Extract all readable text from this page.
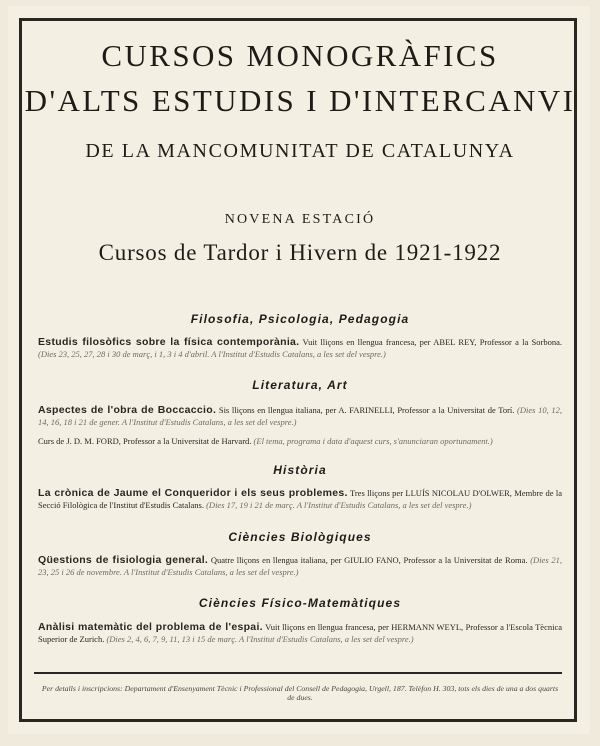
CURSOS MONOGRÀFICS
D'ALTS ESTUDIS I D'INTERCANVI
DE LA MANCOMUNITAT DE CATALUNYA
NOVENA ESTACIÓ
Cursos de Tardor i Hivern de 1921-1922
Filosofia, Psicologia, Pedagogia
Estudis filosòfics sobre la física contemporània. Vuit lliçons en llengua francesa, per ABEL REY, Professor a la Sorbona. (Dies 23, 25, 27, 28 i 30 de març, i 1, 3 i 4 d'abril. A l'Institut d'Estudis Catalans, a les set del vespre.)
Literatura, Art
Aspectes de l'obra de Boccaccio. Sis lliçons en llengua italiana, per A. FARINELLI, Professor a la Universitat de Torí. (Dies 10, 12, 14, 16, 18 i 21 de gener. A l'Institut d'Estudis Catalans, a les set del vespre.)
Curs de J. D. M. FORD, Professor a la Universitat de Harvard. (El tema, programa i data d'aquest curs, s'anunciaran oportunament.)
Història
La crònica de Jaume el Conqueridor i els seus problemes. Tres lliçons per LLUÍS NICOLAU D'OLWER, Membre de la Secció Filològica de l'Institut d'Estudis Catalans. (Dies 17, 19 i 21 de març. A l'Institut d'Estudis Catalans, a les set del vespre.)
Ciències Biològiques
Qüestions de fisiologia general. Quatre lliçons en llengua italiana, per GIULIO FANO, Professor a la Universitat de Roma. (Dies 21, 23, 25 i 26 de novembre. A l'Institut d'Estudis Catalans, a les set del vespre.)
Ciències Físico-Matemàtiques
Anàlisi matemàtic del problema de l'espai. Vuit lliçons en llengua francesa, per HERMANN WEYL, Professor a l'Escola Tècnica Superior de Zurich. (Dies 2, 4, 6, 7, 9, 11, 13 i 15 de març. A l'Institut d'Estudis Catalans, a les set del vespre.)
Per detalls i inscripcions: Departament d'Ensenyament Tècnic i Professional del Consell de Pedagogia, Urgell, 187. Telèfon H. 303, tots els dies de una a dos quarts de dues.
